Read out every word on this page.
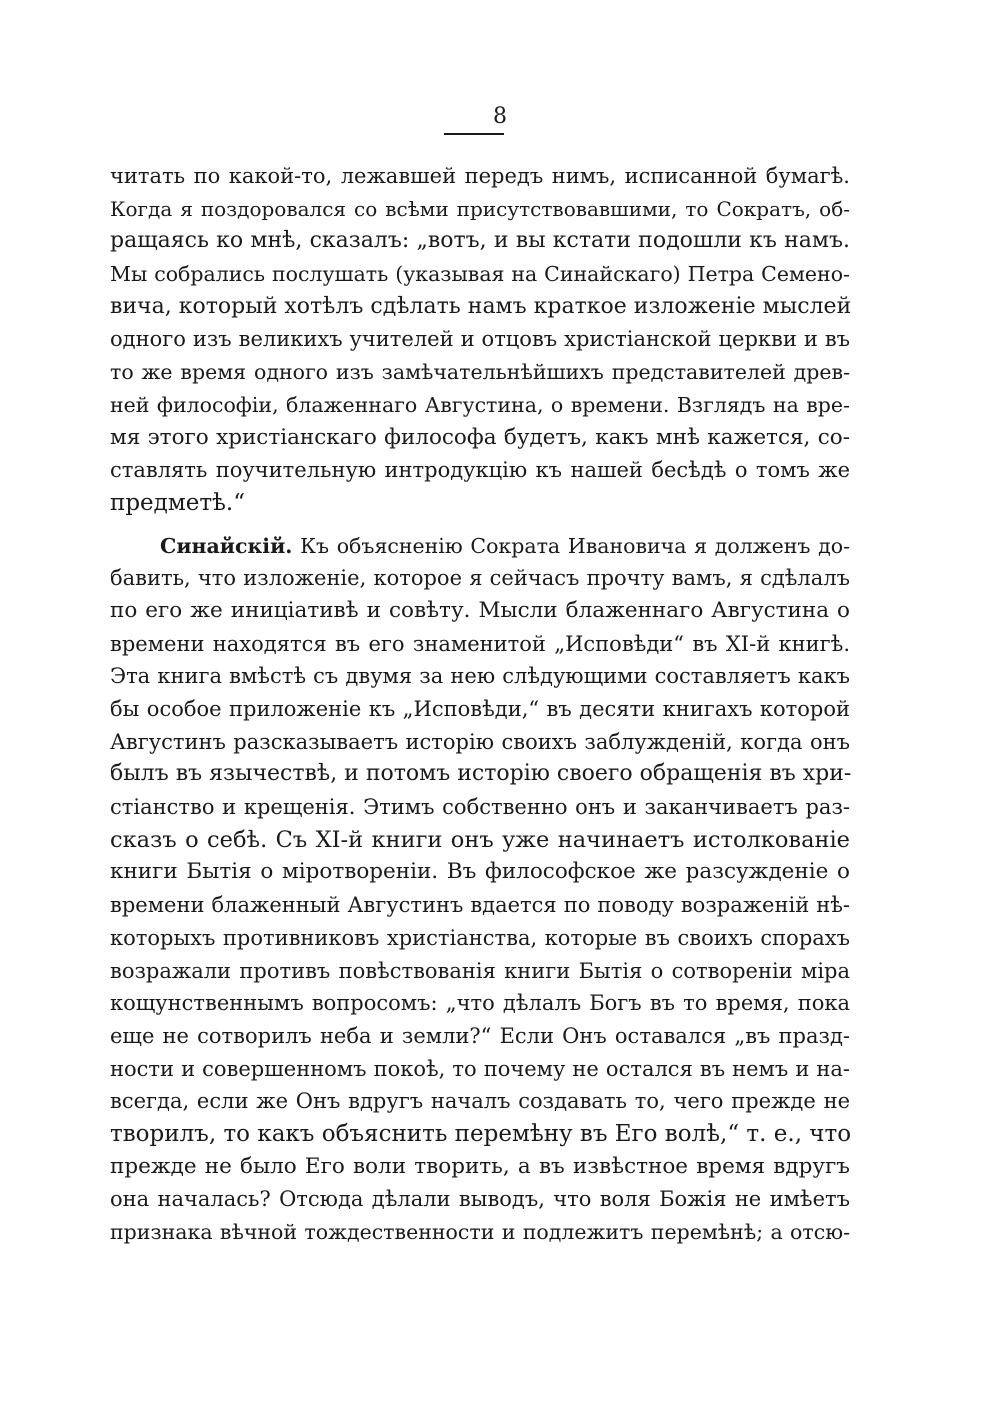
8
читать по какой-то, лежавшей передъ нимъ, исписанной бумагѣ.
Когда я поздоровался со всѣми присутствовавшими, то Сократъ, об-
ращаясь ко мнѣ, сказалъ: „вотъ, и вы кстати подошли къ намъ.
Мы собрались послушать (указывая на Синайскаго) Петра Семено-
вича, который хотѣлъ сдѣлать намъ краткое изложеніе мыслей
одного изъ великихъ учителей и отцовъ христіанской церкви и въ
то же время одного изъ замѣчательнѣйшихъ представителей древ-
ней философіи, блаженнаго Августина, о времени. Взглядъ на вре-
мя этого христіанскаго философа будетъ, какъ мнѣ кажется, со-
ставлять поучительную интродукцію къ нашей бесѣдѣ о томъ же
предметѣ.“
Синайскій. Къ объясненію Сократа Ивановича я долженъ до-
бавить, что изложеніе, которое я сейчасъ прочту вамъ, я сдѣлалъ
по его же иниціативѣ и совѣту. Мысли блаженнаго Августина о
времени находятся въ его знаменитой „Исповѣди“ въ XI-й книгѣ.
Эта книга вмѣстѣ съ двумя за нею слѣдующими составляетъ какъ
бы особое приложеніе къ „Исповѣди,“ въ десяти книгахъ которой
Августинъ разсказываетъ исторію своихъ заблужденій, когда онъ
былъ въ язычествѣ, и потомъ исторію своего обращенія въ хри-
стіанство и крещенія. Этимъ собственно онъ и заканчиваетъ раз-
сказъ о себѣ. Съ XI-й книги онъ уже начинаетъ истолкованіе
книги Бытія о міротвореніи. Въ философское же разсужденіе о
времени блаженный Августинъ вдается по поводу возраженій нѣ-
которыхъ противниковъ христіанства, которые въ своихъ спорахъ
возражали противъ повѣствованія книги Бытія о сотвореніи міра
кощунственнымъ вопросомъ: „что дѣлалъ Богъ въ то время, пока
еще не сотворилъ неба и земли?“ Если Онъ оставался „въ празд-
ности и совершенномъ покоѣ, то почему не остался въ немъ и на-
всегда, если же Онъ вдругъ началъ создавать то, чего прежде не
творилъ, то какъ объяснить перемѣну въ Его волѣ,“ т. е., что
прежде не было Его воли творить, а въ извѣстное время вдругъ
она началась? Отсюда дѣлали выводъ, что воля Божія не имѣетъ
признака вѣчной тождественности и подлежитъ перемѣнѣ; а отсю-
